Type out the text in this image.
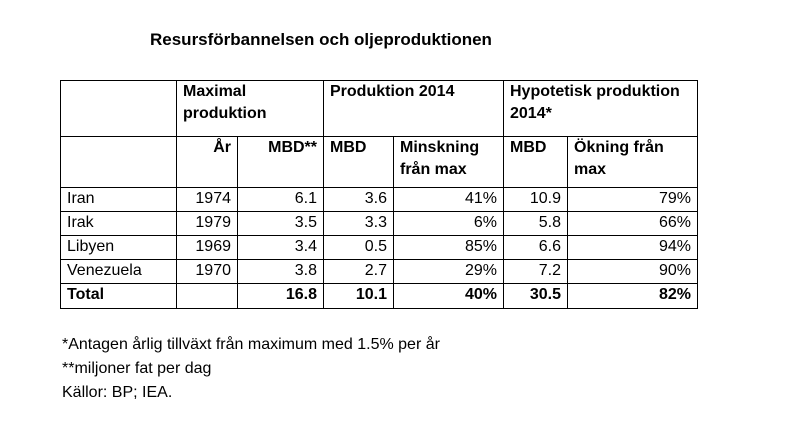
Resursförbannelsen och oljeproduktionen
	Maximal produktion		Produktion 2014		Hypotetisk produktion 2014*	
	År	MBD**	MBD	Minskning från max	MBD	Ökning från max
Iran	1974	6.1	3.6	41%	10.9	79%
Irak	1979	3.5	3.3	6%	5.8	66%
Libyen	1969	3.4	0.5	85%	6.6	94%
Venezuela	1970	3.8	2.7	29%	7.2	90%
Total		16.8	10.1	40%	30.5	82%
*Antagen årlig tillväxt från maximum med 1.5% per år
**miljoner fat per dag
Källor: BP; IEA.
